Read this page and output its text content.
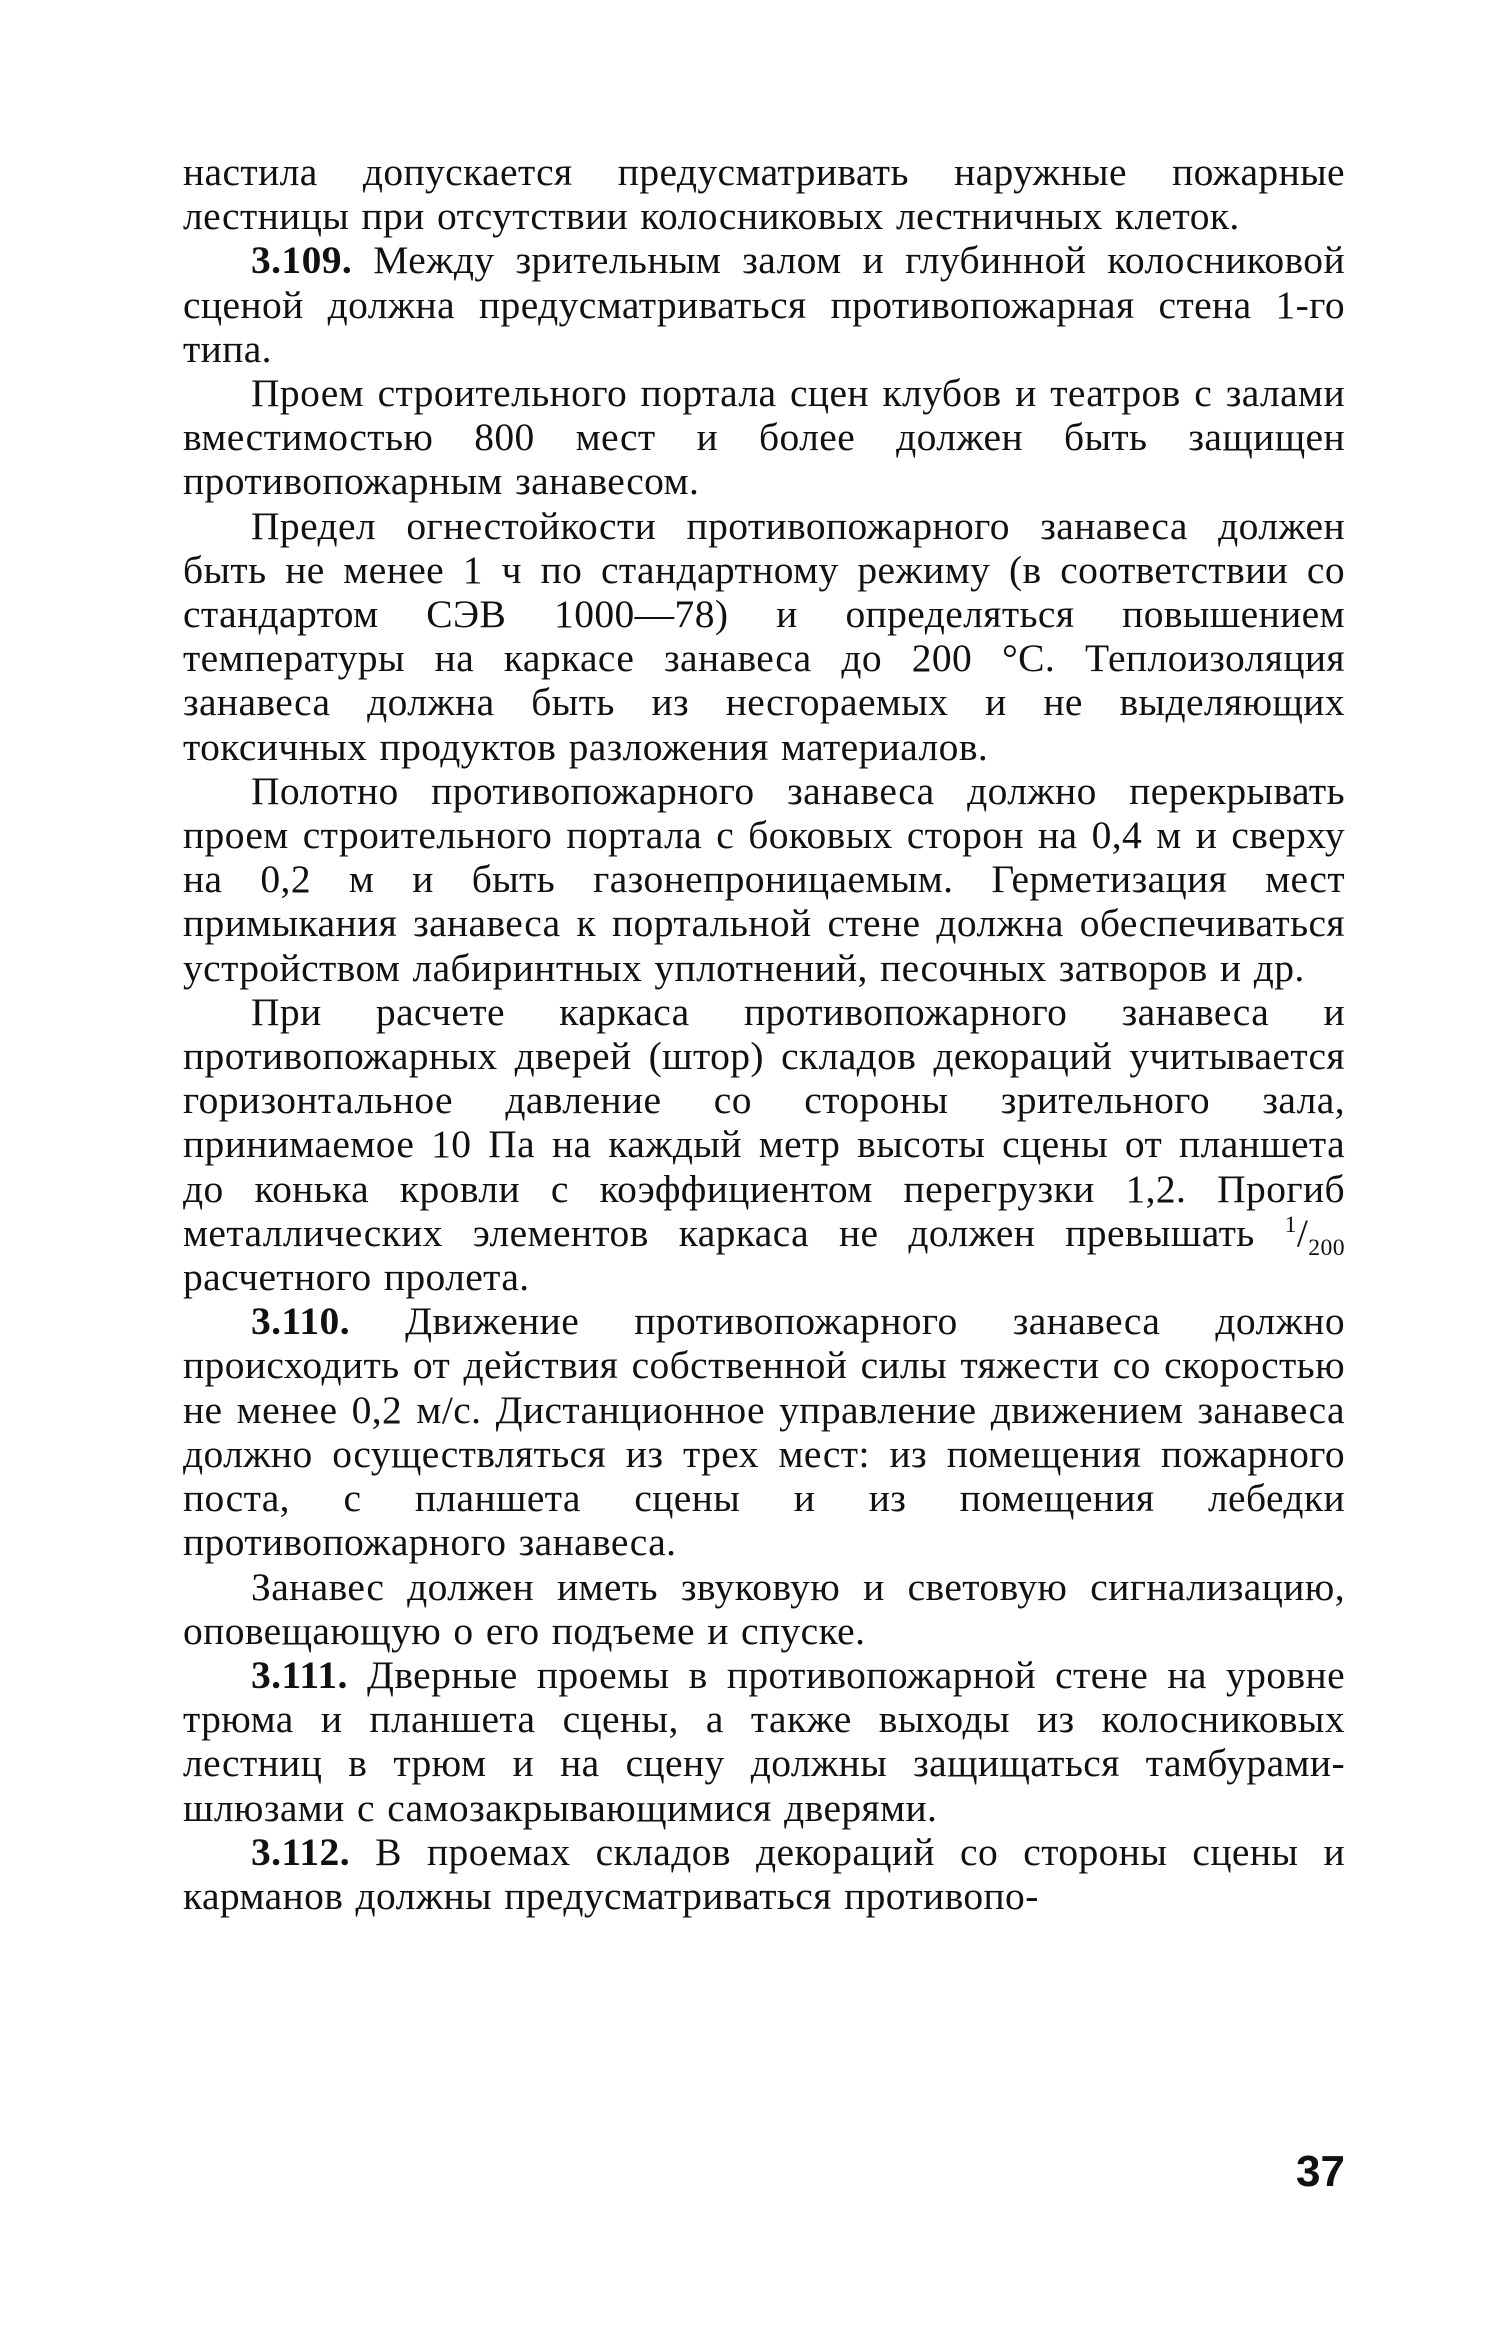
настила допускается предусматривать наружные пожарные лестницы при отсутствии колосниковых лестничных клеток.

3.109. Между зрительным залом и глубинной колосниковой сценой должна предусматриваться противопожарная стена 1-го типа.

Проем строительного портала сцен клубов и театров с залами вместимостью 800 мест и более должен быть защищен противопожарным занавесом.

Предел огнестойкости противопожарного занавеса должен быть не менее 1 ч по стандартному режиму (в соответствии со стандартом СЭВ 1000—78) и определяться повышением температуры на каркасе занавеса до 200 °С. Теплоизоляция занавеса должна быть из несгораемых и не выделяющих токсичных продуктов разложения материалов.

Полотно противопожарного занавеса должно перекрывать проем строительного портала с боковых сторон на 0,4 м и сверху на 0,2 м и быть газонепроницаемым. Герметизация мест примыкания занавеса к портальной стене должна обеспечиваться устройством лабиринтных уплотнений, песочных затворов и др.

При расчете каркаса противопожарного занавеса и противопожарных дверей (штор) складов декораций учитывается горизонтальное давление со стороны зрительного зала, принимаемое 10 Па на каждый метр высоты сцены от планшета до конька кровли с коэффициентом перегрузки 1,2. Прогиб металлических элементов каркаса не должен превышать $^1/_{200}$ расчетного пролета.

3.110. Движение противопожарного занавеса должно происходить от действия собственной силы тяжести со скоростью не менее 0,2 м/с. Дистанционное управление движением занавеса должно осуществляться из трех мест: из помещения пожарного поста, с планшета сцены и из помещения лебедки противопожарного занавеса.

Занавес должен иметь звуковую и световую сигнализацию, оповещающую о его подъеме и спуске.

3.111. Дверные проемы в противопожарной стене на уровне трюма и планшета сцены, а также выходы из колосниковых лестниц в трюм и на сцену должны защищаться тамбурами-шлюзами с самозакрывающимися дверями.

3.112. В проемах складов декораций со стороны сцены и карманов должны предусматриваться противопо-

37
